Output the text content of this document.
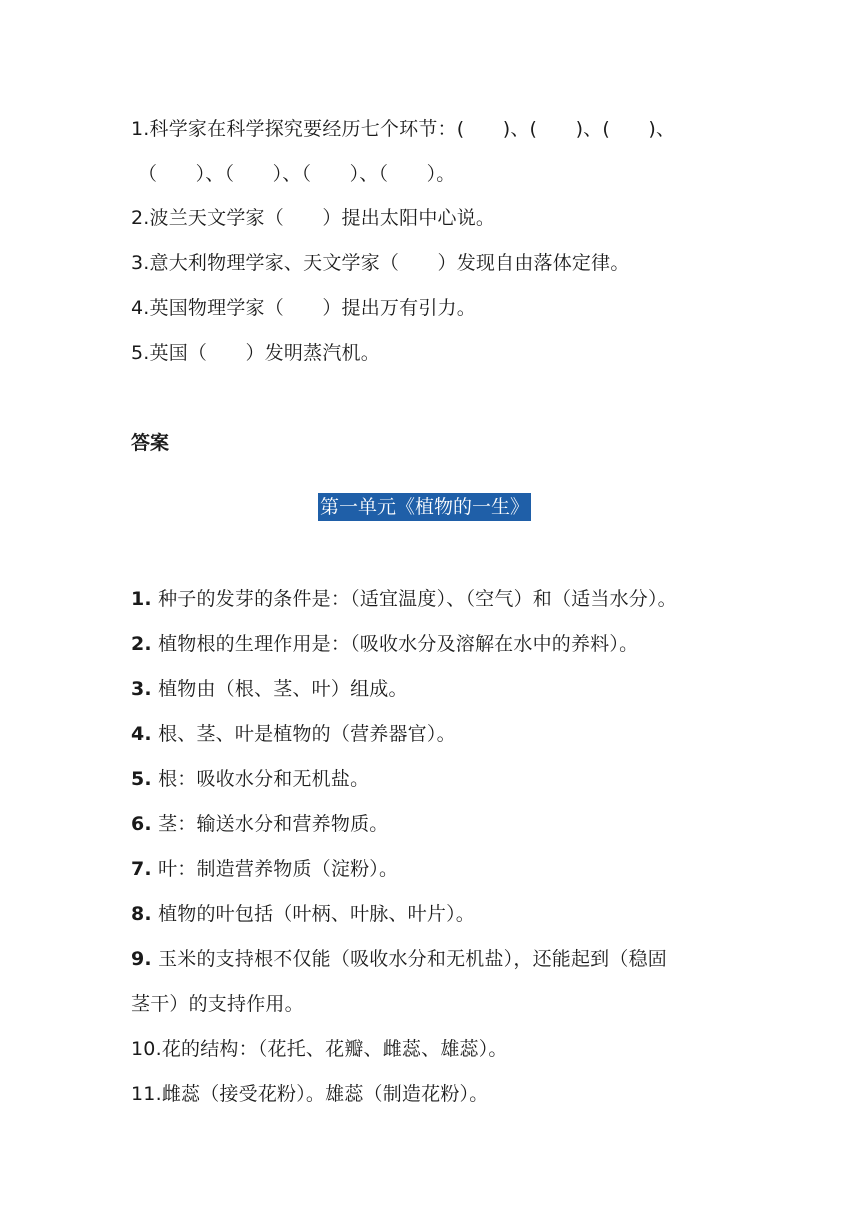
1.科学家在科学探究要经历七个环节：(　　)、(　　)、(　　)、
（　　）、（　　）、（　　）、（　　）。
2.波兰天文学家（　　）提出太阳中心说。
3.意大利物理学家、天文学家（　　）发现自由落体定律。
4.英国物理学家（　　）提出万有引力。
5.英国（　　）发明蒸汽机。
答案
第一单元《植物的一生》
1. 种子的发芽的条件是：（适宜温度）、（空气）和（适当水分）。
2. 植物根的生理作用是：（吸收水分及溶解在水中的养料）。
3. 植物由（根、茎、叶）组成。
4. 根、茎、叶是植物的（营养器官）。
5. 根：吸收水分和无机盐。
6. 茎：输送水分和营养物质。
7. 叶：制造营养物质（淀粉）。
8. 植物的叶包括（叶柄、叶脉、叶片）。
9. 玉米的支持根不仅能（吸收水分和无机盐），还能起到（稳固
茎干）的支持作用。
10.花的结构：（花托、花瓣、雌蕊、雄蕊）。
11.雌蕊（接受花粉）。雄蕊（制造花粉）。
